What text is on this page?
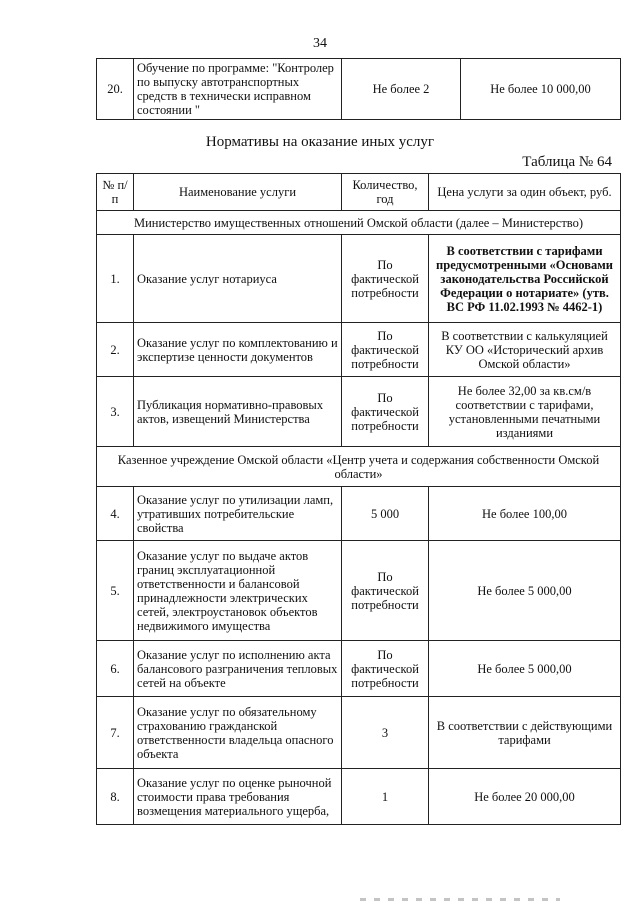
34
20.	Обучение по программе: "Контролер по выпуску автотранспортных средств в технически исправном состоянии "	Не более 2	Не более 10 000,00
Нормативы на оказание иных услуг
Таблица № 64
№ п/п	Наименование услуги	Количество, год	Цена услуги за один объект, руб.
Министерство имущественных отношений Омской области (далее – Министерство)			
1.	Оказание услуг нотариуса	По фактической потребности	В соответствии с тарифами предусмотренными «Основами законодательства Российской Федерации о нотариате» (утв. ВС РФ 11.02.1993 № 4462-1)
2.	Оказание услуг по комплектованию и экспертизе ценности документов	По фактической потребности	В соответствии с калькуляцией КУ ОО «Исторический архив Омской области»
3.	Публикация нормативно-правовых актов, извещений Министерства	По фактической потребности	Не более 32,00 за кв.см/в соответствии с тарифами, установленными печатными изданиями
Казенное учреждение Омской области «Центр учета и содержания собственности Омской области»			
4.	Оказание услуг по утилизации ламп, утративших потребительские свойства	5 000	Не более 100,00
5.	Оказание услуг по выдаче актов границ эксплуатационной ответственности и балансовой принадлежности электрических сетей, электроустановок объектов недвижимого имущества	По фактической потребности	Не более 5 000,00
6.	Оказание услуг по исполнению акта балансового разграничения тепловых сетей на объекте	По фактической потребности	Не более 5 000,00
7.	Оказание услуг по обязательному страхованию гражданской ответственности владельца опасного объекта	3	В соответствии с действующими тарифами
8.	Оказание услуг по оценке рыночной стоимости права требования возмещения материального ущерба,	1	Не более 20 000,00
